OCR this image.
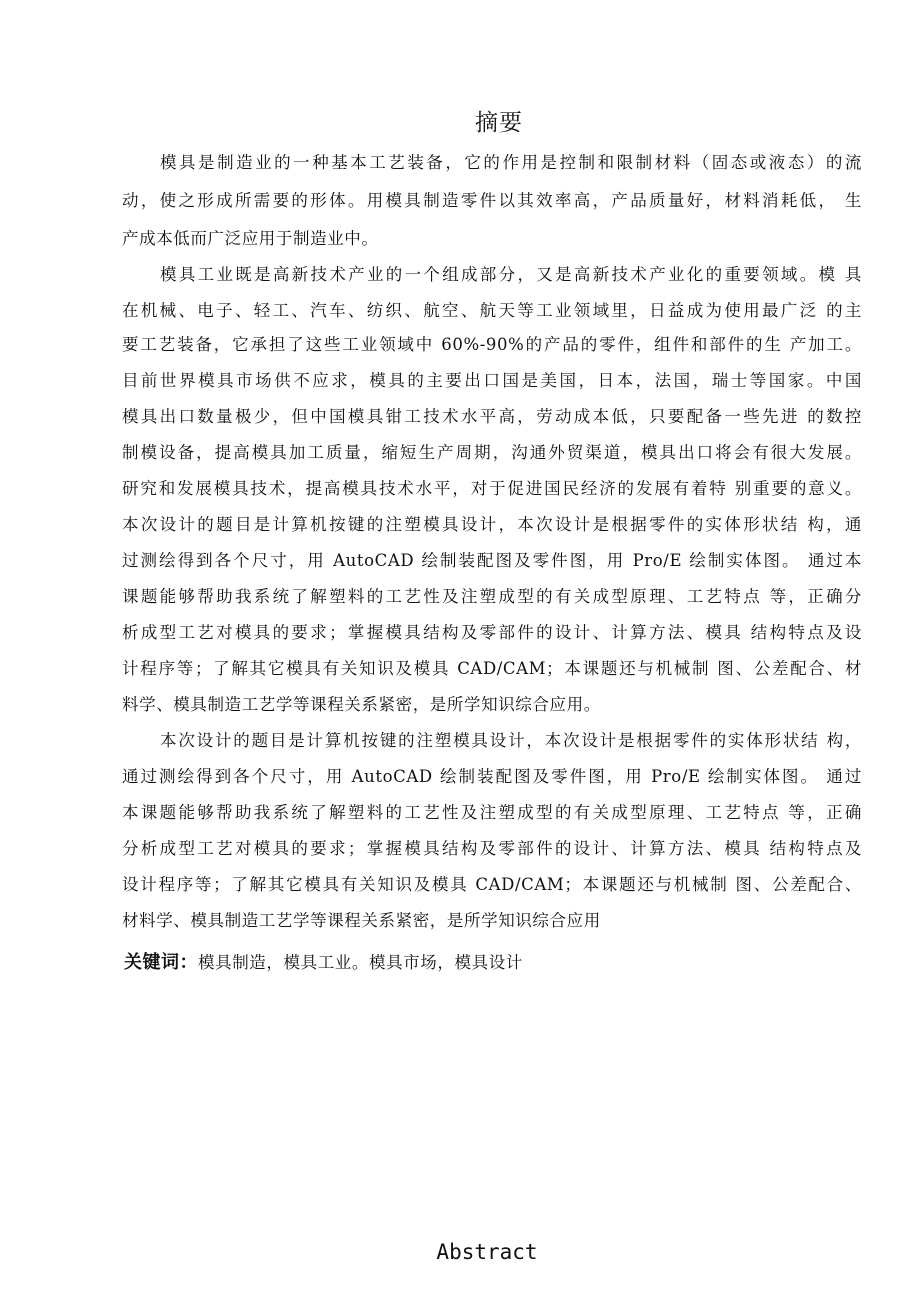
摘要
模具是制造业的一种基本工艺装备，它的作用是控制和限制材料（固态或液态）的流
动，使之形成所需要的形体。用模具制造零件以其效率高，产品质量好，材料消耗低， 生
产成本低而广泛应用于制造业中。
模具工业既是高新技术产业的一个组成部分，又是高新技术产业化的重要领域。模 具
在机械、电子、轻工、汽车、纺织、航空、航天等工业领域里，日益成为使用最广泛 的主
要工艺装备，它承担了这些工业领域中 60%-90%的产品的零件，组件和部件的生 产加工。
目前世界模具市场供不应求，模具的主要出口国是美国，日本，法国，瑞士等国家。中国
模具出口数量极少，但中国模具钳工技术水平高，劳动成本低，只要配备一些先进 的数控
制模设备，提高模具加工质量，缩短生产周期，沟通外贸渠道，模具出口将会有很大发展。
研究和发展模具技术，提高模具技术水平，对于促进国民经济的发展有着特 别重要的意义。
本次设计的题目是计算机按键的注塑模具设计，本次设计是根据零件的实体形状结 构，通
过测绘得到各个尺寸，用 AutoCAD 绘制装配图及零件图，用 Pro/E 绘制实体图。 通过本
课题能够帮助我系统了解塑料的工艺性及注塑成型的有关成型原理、工艺特点 等，正确分
析成型工艺对模具的要求；掌握模具结构及零部件的设计、计算方法、模具 结构特点及设
计程序等；了解其它模具有关知识及模具 CAD/CAM；本课题还与机械制 图、公差配合、材
料学、模具制造工艺学等课程关系紧密，是所学知识综合应用。
本次设计的题目是计算机按键的注塑模具设计，本次设计是根据零件的实体形状结 构，
通过测绘得到各个尺寸，用 AutoCAD 绘制装配图及零件图，用 Pro/E 绘制实体图。 通过
本课题能够帮助我系统了解塑料的工艺性及注塑成型的有关成型原理、工艺特点 等，正确
分析成型工艺对模具的要求；掌握模具结构及零部件的设计、计算方法、模具 结构特点及
设计程序等；了解其它模具有关知识及模具 CAD/CAM；本课题还与机械制 图、公差配合、
材料学、模具制造工艺学等课程关系紧密，是所学知识综合应用
关键词：模具制造，模具工业。模具市场，模具设计
Abstract
